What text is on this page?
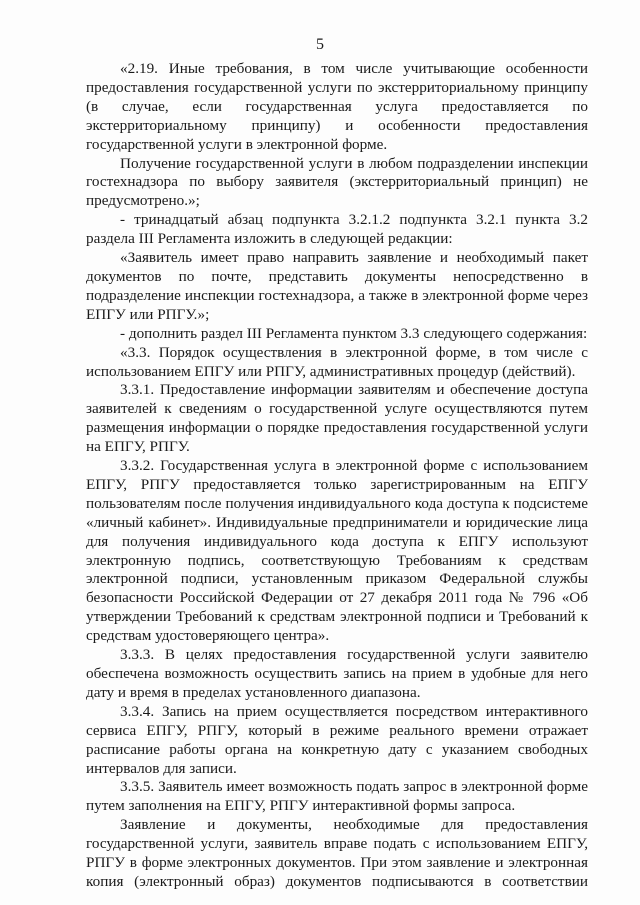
5

«2.19. Иные требования, в том числе учитывающие особенности предоставления государственной услуги по экстерриториальному принципу (в случае, если государственная услуга предоставляется по экстерриториальному принципу) и особенности предоставления государственной услуги в электронной форме.

Получение государственной услуги в любом подразделении инспекции гостехнадзора по выбору заявителя (экстерриториальный принцип) не предусмотрено.»;

- тринадцатый абзац подпункта 3.2.1.2 подпункта 3.2.1 пункта 3.2 раздела III Регламента изложить в следующей редакции:

«Заявитель имеет право направить заявление и необходимый пакет документов по почте, представить документы непосредственно в подразделение инспекции гостехнадзора, а также в электронной форме через ЕПГУ или РПГУ.»;

- дополнить раздел III Регламента пунктом 3.3 следующего содержания:

«3.3. Порядок осуществления в электронной форме, в том числе с использованием ЕПГУ или РПГУ, административных процедур (действий).

3.3.1. Предоставление информации заявителям и обеспечение доступа заявителей к сведениям о государственной услуге осуществляются путем размещения информации о порядке предоставления государственной услуги на ЕПГУ, РПГУ.

3.3.2. Государственная услуга в электронной форме с использованием ЕПГУ, РПГУ предоставляется только зарегистрированным на ЕПГУ пользователям после получения индивидуального кода доступа к подсистеме «личный кабинет». Индивидуальные предприниматели и юридические лица для получения индивидуального кода доступа к ЕПГУ используют электронную подпись, соответствующую Требованиям к средствам электронной подписи, установленным приказом Федеральной службы безопасности Российской Федерации от 27 декабря 2011 года № 796 «Об утверждении Требований к средствам электронной подписи и Требований к средствам удостоверяющего центра».

3.3.3. В целях предоставления государственной услуги заявителю обеспечена возможность осуществить запись на прием в удобные для него дату и время в пределах установленного диапазона.

3.3.4. Запись на прием осуществляется посредством интерактивного сервиса ЕПГУ, РПГУ, который в режиме реального времени отражает расписание работы органа на конкретную дату с указанием свободных интервалов для записи.

3.3.5. Заявитель имеет возможность подать запрос в электронной форме путем заполнения на ЕПГУ, РПГУ интерактивной формы запроса.

Заявление и документы, необходимые для предоставления государственной услуги, заявитель вправе подать с использованием ЕПГУ, РПГУ в форме электронных документов. При этом заявление и электронная копия (электронный образ) документов подписываются в соответствии
